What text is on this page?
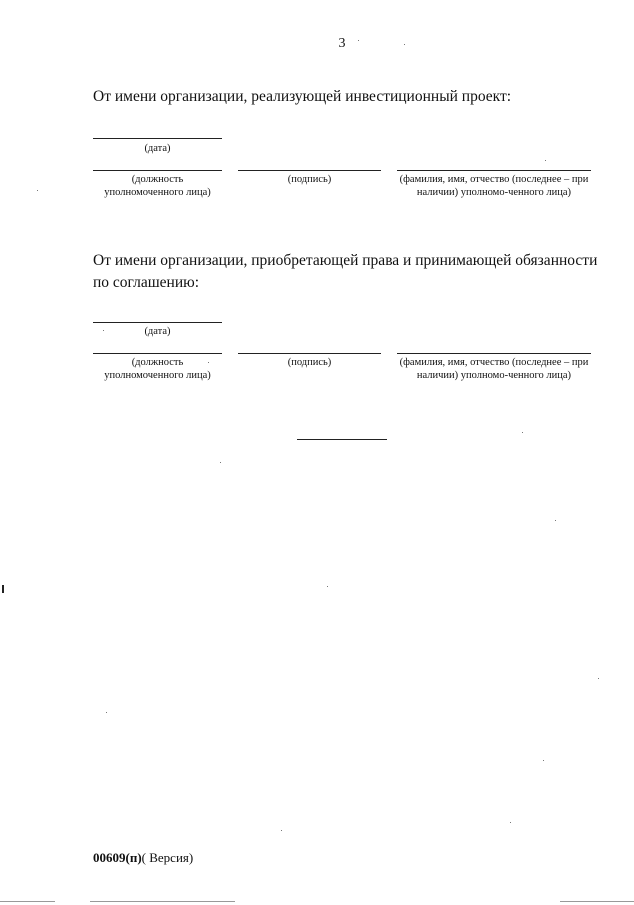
3

От имени организации, реализующей инвестиционный проект:

(дата)
(должность уполномоченного лица)
(подпись)	(фамилия, имя, отчество (последнее – при наличии) уполномо-ченного лица)

От имени организации, приобретающей права и принимающей обязанности по соглашению:

(дата)
(должность уполномоченного лица)
(подпись)	(фамилия, имя, отчество (последнее – при наличии) уполномо-ченного лица)
00609(п)( Версия)
